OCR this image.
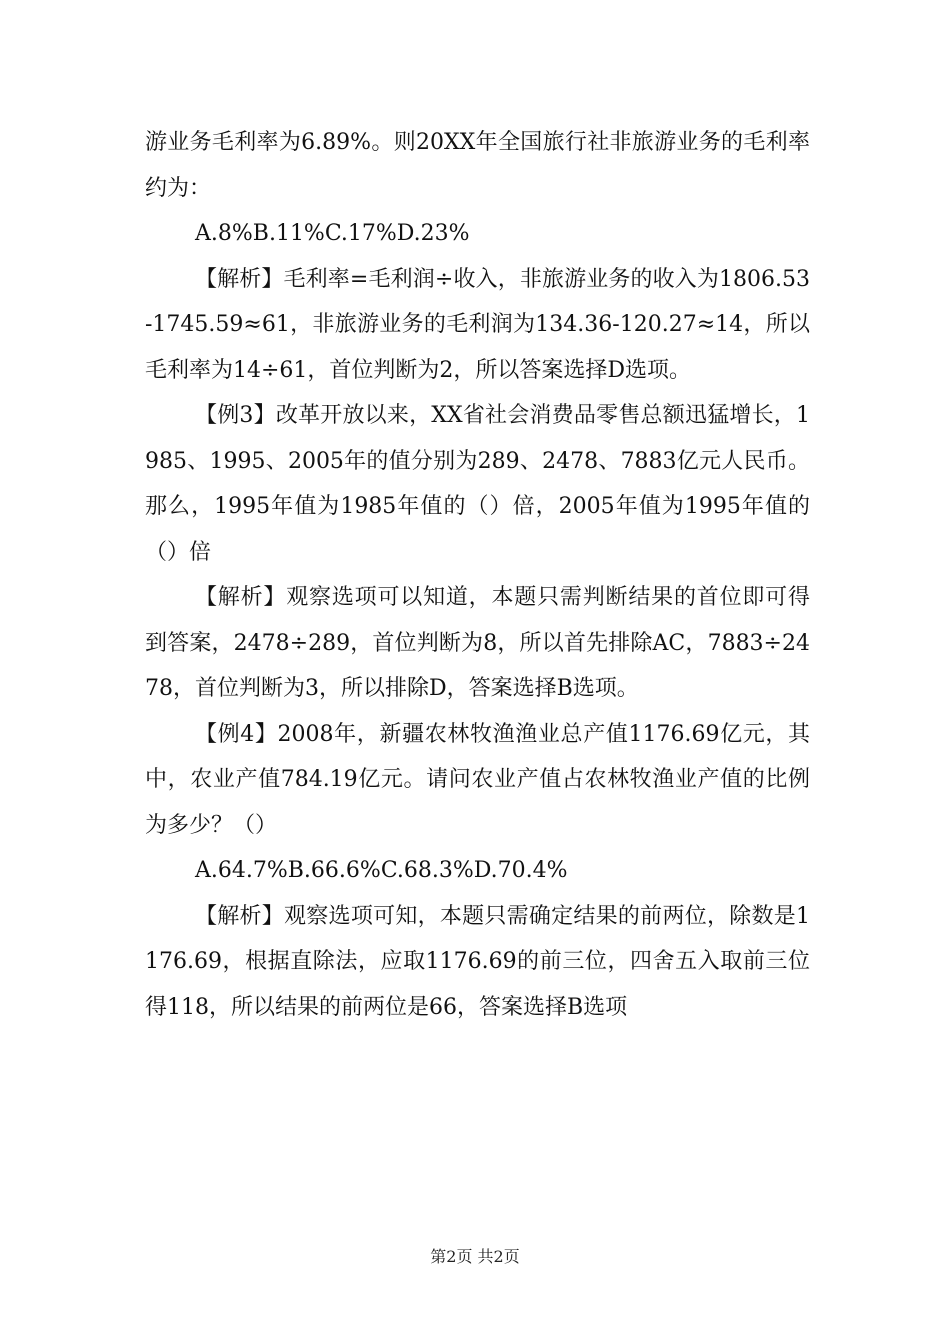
游业务毛利率为6.89%。则20XX年全国旅行社非旅游业务的毛利率约为：

A.8%B.11%C.17%D.23%

【解析】毛利率=毛利润÷收入，非旅游业务的收入为1806.53-1745.59≈61，非旅游业务的毛利润为134.36-120.27≈14，所以毛利率为14÷61，首位判断为2，所以答案选择D选项。

【例3】改革开放以来，XX省社会消费品零售总额迅猛增长，1985、1995、2005年的值分别为289、2478、7883亿元人民币。那么，1995年值为1985年值的（）倍，2005年值为1995年值的（）倍

【解析】观察选项可以知道，本题只需判断结果的首位即可得到答案，2478÷289，首位判断为8，所以首先排除AC，7883÷2478，首位判断为3，所以排除D，答案选择B选项。

【例4】2008年，新疆农林牧渔渔业总产值1176.69亿元，其中，农业产值784.19亿元。请问农业产值占农林牧渔业产值的比例为多少？（）

A.64.7%B.66.6%C.68.3%D.70.4%

【解析】观察选项可知，本题只需确定结果的前两位，除数是1176.69，根据直除法，应取1176.69的前三位，四舍五入取前三位得118，所以结果的前两位是66，答案选择B选项

第2页 共2页
